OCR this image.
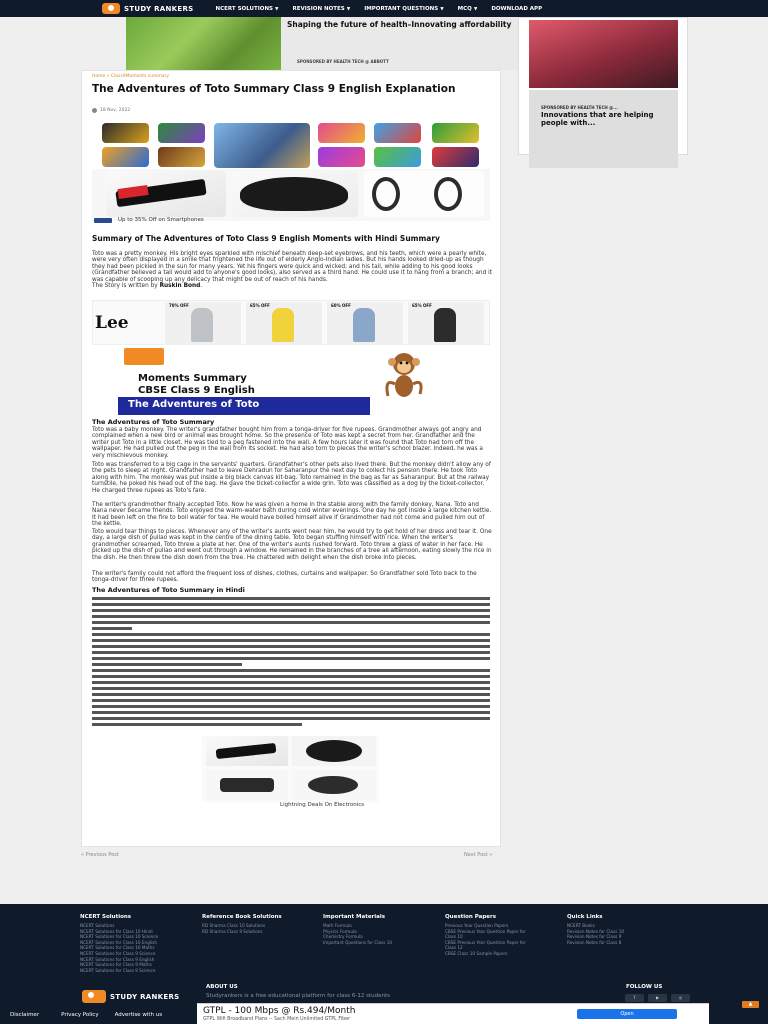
STUDY RANKERS	NCERT SOLUTIONS ▼	REVISION NOTES ▼	IMPORTANT QUESTIONS ▼	MCQ ▼	DOWNLOAD APP
Shaping the future of health–Innovating affordability
SPONSORED BY HEALTH TECH @ ABBOTT
SPONSORED BY HEALTH TECH @...
Innovations that are helping people with...
Home » Class9Moments summary
The Adventures of Toto Summary Class 9 English Explanation
18 Nov, 2022
Up to 35% Off on Smartphones
Summary of The Adventures of Toto Class 9 English Moments with Hindi Summary
Toto was a pretty monkey. His bright eyes sparkled with mischief beneath deep-set eyebrows, and his teeth, which were a pearly white, were very often displayed in a smile that frightened the life out of elderly Anglo-Indian ladies. But his hands looked dried-up as though they had been pickled in the sun for many years. Yet his fingers were quick and wicked; and his tail, while adding to his good looks (Grandfather believed a tail would add to anyone's good looks), also served as a third hand. He could use it to hang from a branch; and it was capable of scooping up any delicacy that might be out of reach of his hands.
The Story is written by Ruskin Bond.
Lee
70% OFF	65% OFF	60% OFF	65% OFF
Moments Summary
CBSE Class 9 English
The Adventures of Toto
The Adventures of Toto Summary
Toto was a baby monkey. The writer's grandfather bought him from a tonga-driver for five rupees. Grandmother always got angry and complained when a new bird or animal was brought home. So the presence of Toto was kept a secret from her. Grandfather and the writer put Toto in a little closet. He was tied to a peg fastened into the wall. A few hours later it was found that Toto had torn off the wallpaper. He had pulled out the peg in the wall from its socket. He had also torn to pieces the writer's school blazer. Indeed, he was a very mischievous monkey.
Toto was transferred to a big cage in the servants' quarters. Grandfather's other pets also lived there. But the monkey didn't allow any of the pets to sleep at night. Grandfather had to leave Dehradun for Saharanpur the next day to collect his pension there. He took Toto along with him. The monkey was put inside a big black canvas kit-bag. Toto remained in the bag as far as Saharanpur. But at the railway turnstile, he poked his head out of the bag. He gave the ticket-collector a wide grin. Toto was classified as a dog by the ticket-collector. He charged three rupees as Toto's fare.
The writer's grandmother finally accepted Toto. Now he was given a home in the stable along with the family donkey, Nana. Toto and Nana never became friends. Toto enjoyed the warm-water bath during cold winter evenings. One day he got inside a large kitchen kettle. It had been left on the fire to boil water for tea. He would have boiled himself alive if Grandmother had not come and pulled him out of the kettle.
Toto would tear things to pieces. Whenever any of the writer's aunts went near him, he would try to get hold of her dress and tear it. One day, a large dish of pullao was kept in the centre of the dining table. Toto began stuffing himself with rice. When the writer's grandmother screamed, Toto threw a plate at her. One of the writer's aunts rushed forward. Toto threw a glass of water in her face. He picked up the dish of pullao and went out through a window. He remained in the branches of a tree all afternoon, eating slowly the rice in the dish. He then threw the dish down from the tree. He chattered with delight when the dish broke into pieces.
The writer's family could not afford the frequent loss of dishes, clothes, curtains and wallpaper. So Grandfather sold Toto back to the tonga-driver for three rupees.
The Adventures of Toto Summary in Hindi
Lightning Deals On Electronics
« Previous Post	Next Post »
NCERT Solutions
NCERT Solutions
NCERT Solutions for Class 10 Hindi
NCERT Solutions for Class 10 Science
NCERT Solutions for Class 10 English
NCERT Solutions for Class 10 Maths
NCERT Solutions for Class 9 Science
NCERT Solutions for Class 9 English
NCERT Solutions for Class 9 Maths
NCERT Solutions for Class 9 Science
Reference Book Solutions
RD Sharma Class 10 Solutions
RD Sharma Class 9 Solutions
Important Materials
Math Formula
Physics Formula
Chemistry Formula
Important Questions for Class 10
Question Papers
Previous Year Question Papers
CBSE Previous Year Question Paper for
Class 10
CBSE Previous Year Question Paper for
Class 12
CBSE Class 10 Sample Papers
Quick Links
NCERT Books
Revision Notes for Class 10
Revision Notes for Class 9
Revision Notes for Class 8
STUDY RANKERS
ABOUT US
Studyrankers is a free educational platform for class 6-12 students
FOLLOW US
f	▶	◎
Disclaimer	Privacy Policy	Advertise with us	GTPL - 100 Mbps @ Rs.494/Month
GTPL Wifi Broadband Plans -- Sach Mein Unlimited GTPL Fiber
Open
▲
